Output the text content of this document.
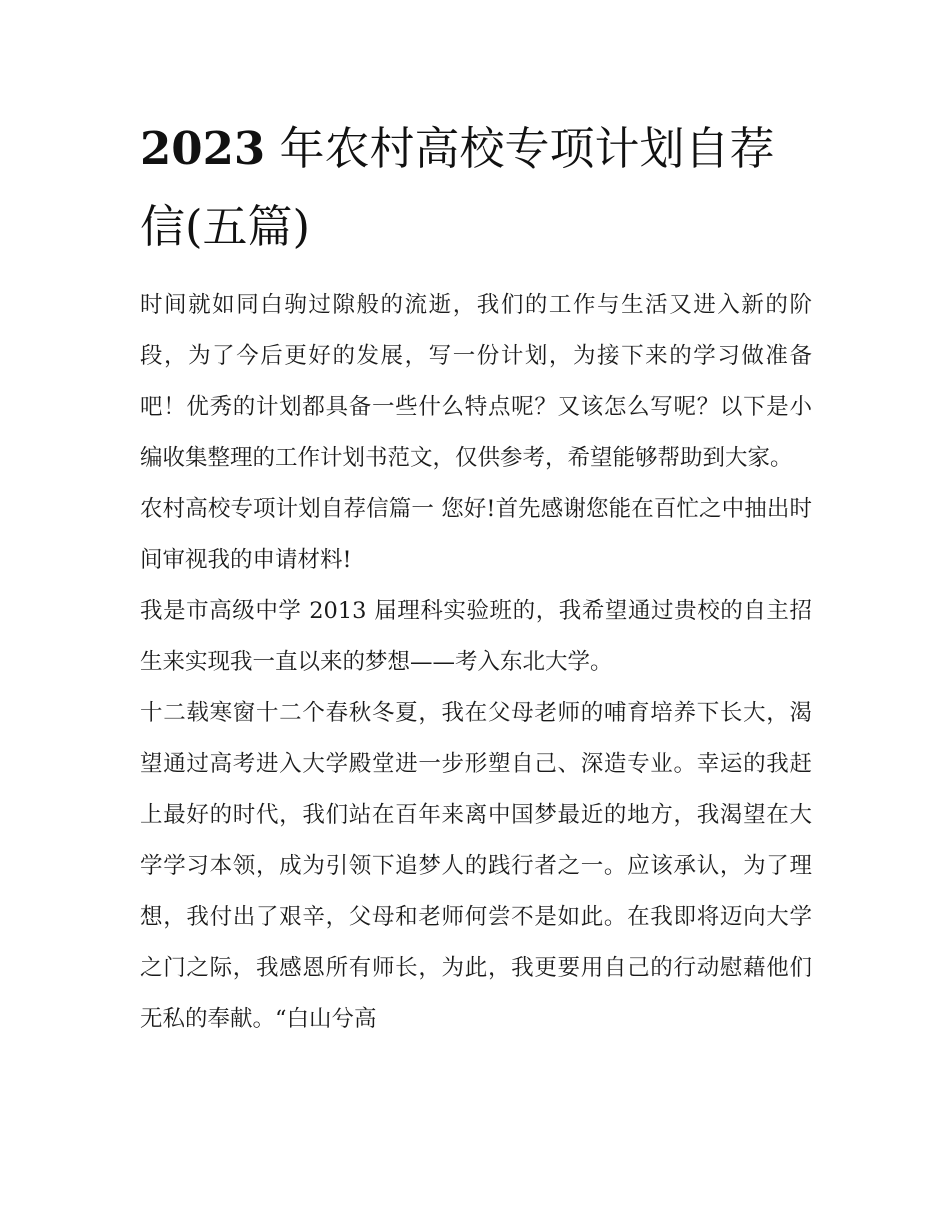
2023 年农村高校专项计划自荐信(五篇)

时间就如同白驹过隙般的流逝，我们的工作与生活又进入新的阶段，为了今后更好的发展，写一份计划，为接下来的学习做准备吧！优秀的计划都具备一些什么特点呢？又该怎么写呢？以下是小编收集整理的工作计划书范文，仅供参考，希望能够帮助到大家。

农村高校专项计划自荐信篇一 您好!首先感谢您能在百忙之中抽出时间审视我的申请材料!

我是市高级中学 2013 届理科实验班的，我希望通过贵校的自主招生来实现我一直以来的梦想——考入东北大学。

十二载寒窗十二个春秋冬夏，我在父母老师的哺育培养下长大，渴望通过高考进入大学殿堂进一步形塑自己、深造专业。幸运的我赶上最好的时代，我们站在百年来离中国梦最近的地方，我渴望在大学学习本领，成为引领下追梦人的践行者之一。应该承认，为了理想，我付出了艰辛，父母和老师何尝不是如此。在我即将迈向大学之门之际，我感恩所有师长，为此，我更要用自己的行动慰藉他们无私的奉献。“白山兮高
